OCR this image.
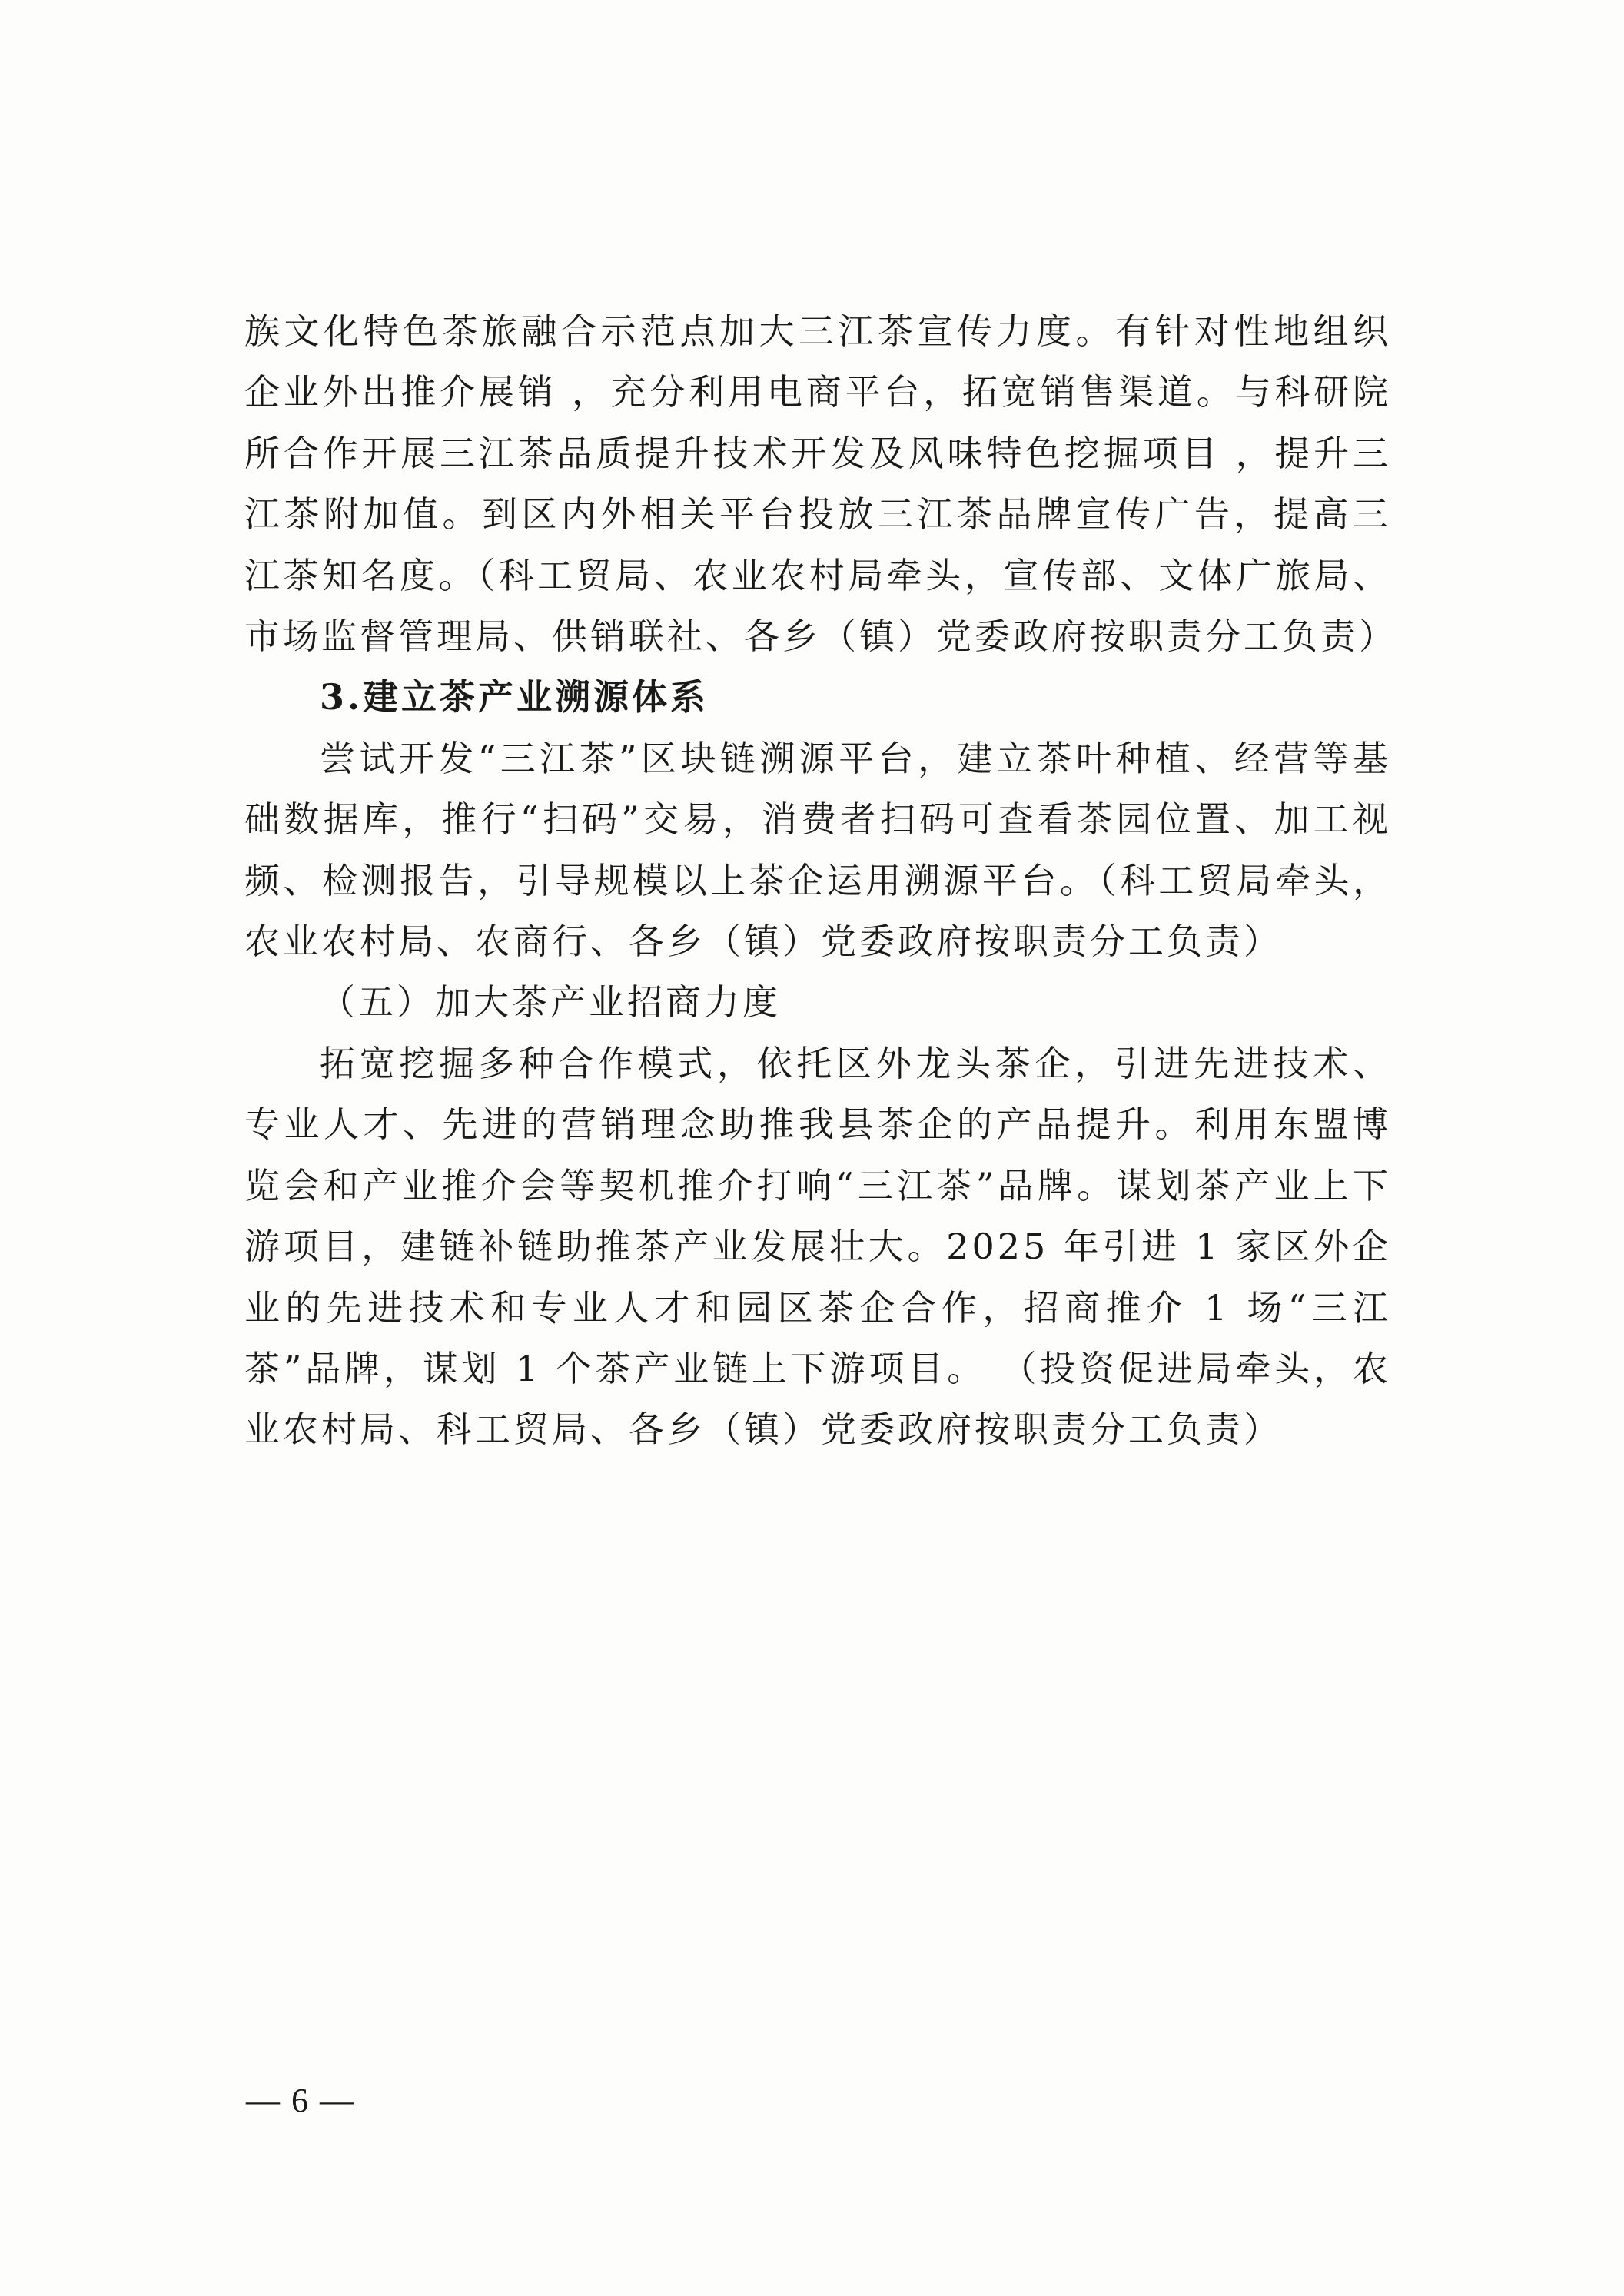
族文化特色茶旅融合示范点加大三江茶宣传力度。有针对性地组织企业外出推介展销 ，充分利用电商平台，拓宽销售渠道。与科研院所合作开展三江茶品质提升技术开发及风味特色挖掘项目 ，提升三江茶附加值。到区内外相关平台投放三江茶品牌宣传广告，提高三江茶知名度。（科工贸局、农业农村局牵头，宣传部、文体广旅局、市场监督管理局、供销联社、各乡（镇）党委政府按职责分工负责）

3.建立茶产业溯源体系

尝试开发“三江茶”区块链溯源平台，建立茶叶种植、经营等基础数据库，推行“扫码”交易，消费者扫码可查看茶园位置、加工视频、检测报告，引导规模以上茶企运用溯源平台。（科工贸局牵头，农业农村局、农商行、各乡（镇）党委政府按职责分工负责）

（五）加大茶产业招商力度

拓宽挖掘多种合作模式，依托区外龙头茶企，引进先进技术、专业人才、先进的营销理念助推我县茶企的产品提升。利用东盟博览会和产业推介会等契机推介打响“三江茶”品牌。谋划茶产业上下游项目，建链补链助推茶产业发展壮大。2025 年引进 1 家区外企业的先进技术和专业人才和园区茶企合作，招商推介 1 场“三江茶”品牌，谋划 1 个茶产业链上下游项目。 （投资促进局牵头，农业农村局、科工贸局、各乡（镇）党委政府按职责分工负责）

— 6 —
